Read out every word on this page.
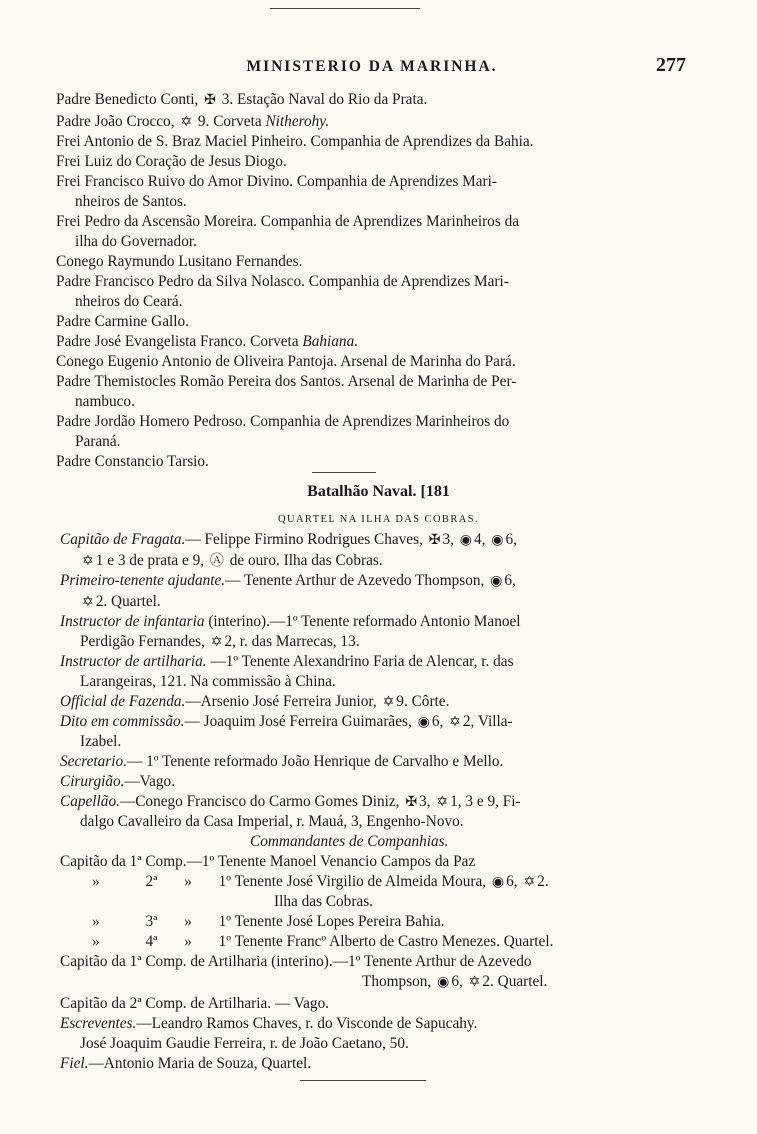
MINISTERIO DA MARINHA.	277
Padre Benedicto Conti, ✠ 3. Estação Naval do Rio da Prata.
Padre João Crocco, ✡ 9. Corveta Nitherohy.
Frei Antonio de S. Braz Maciel Pinheiro. Companhia de Aprendizes da Bahia.
Frei Luiz do Coração de Jesus Diogo.
Frei Francisco Ruivo do Amor Divino. Companhia de Aprendizes Mari-
nheiros de Santos.
Frei Pedro da Ascensão Moreira. Companhia de Aprendizes Marinheiros da
ilha do Governador.
Conego Raymundo Lusitano Fernandes.
Padre Francisco Pedro da Silva Nolasco. Companhia de Aprendizes Mari-
nheiros do Ceará.
Padre Carmine Gallo.
Padre José Evangelista Franco. Corveta Bahiana.
Conego Eugenio Antonio de Oliveira Pantoja. Arsenal de Marinha do Pará.
Padre Themistocles Romão Pereira dos Santos. Arsenal de Marinha de Per-
nambuco.
Padre Jordão Homero Pedroso. Companhia de Aprendizes Marinheiros do
Paraná.
Padre Constancio Tarsio.
Batalhão Naval. [181
QUARTEL NA ILHA DAS COBRAS.
Capitão de Fragata.— Felippe Firmino Rodrigues Chaves, ✠ 3, ◉ 4, ◉ 6,
✡ 1 e 3 de prata e 9, Ⓐ de ouro. Ilha das Cobras.
Primeiro-tenente ajudante.— Tenente Arthur de Azevedo Thompson, ◉ 6,
✡ 2. Quartel.
Instructor de infantaria (interino).—1º Tenente reformado Antonio Manoel
Perdigão Fernandes, ✡ 2, r. das Marrecas, 13.
Instructor de artilharia. —1º Tenente Alexandrino Faria de Alencar, r. das
Larangeiras, 121. Na commissão à China.
Official de Fazenda.—Arsenio José Ferreira Junior, ✡ 9. Côrte.
Dito em commissão.— Joaquim José Ferreira Guimarães, ◉ 6, ✡ 2, Villa-
Izabel.
Secretario.— 1º Tenente reformado João Henrique de Carvalho e Mello.
Cirurgião.—Vago.
Capellão.—Conego Francisco do Carmo Gomes Diniz, ✠ 3, ✡ 1, 3 e 9, Fi-
dalgo Cavalleiro da Casa Imperial, r. Mauá, 3, Engenho-Novo.
Commandantes de Companhias.
Capitão da 1ª Comp.—1º Tenente Manoel Venancio Campos da Paz
»	2ª » 1º Tenente José Virgilio de Almeida Moura, ◉ 6, ✡ 2.
Ilha das Cobras.
»	3ª » 1º Tenente José Lopes Pereira Bahia.
»	4ª » 1º Tenente Francº Alberto de Castro Menezes. Quartel.
Capitão da 1ª Comp. de Artilharia (interino).—1º Tenente Arthur de Azevedo
Thompson, ◉ 6, ✡ 2. Quartel.
Capitão da 2ª Comp. de Artilharia. — Vago.
Escreventes.—Leandro Ramos Chaves, r. do Visconde de Sapucahy.
José Joaquim Gaudie Ferreira, r. de João Caetano, 50.
Fiel.—Antonio Maria de Souza, Quartel.
